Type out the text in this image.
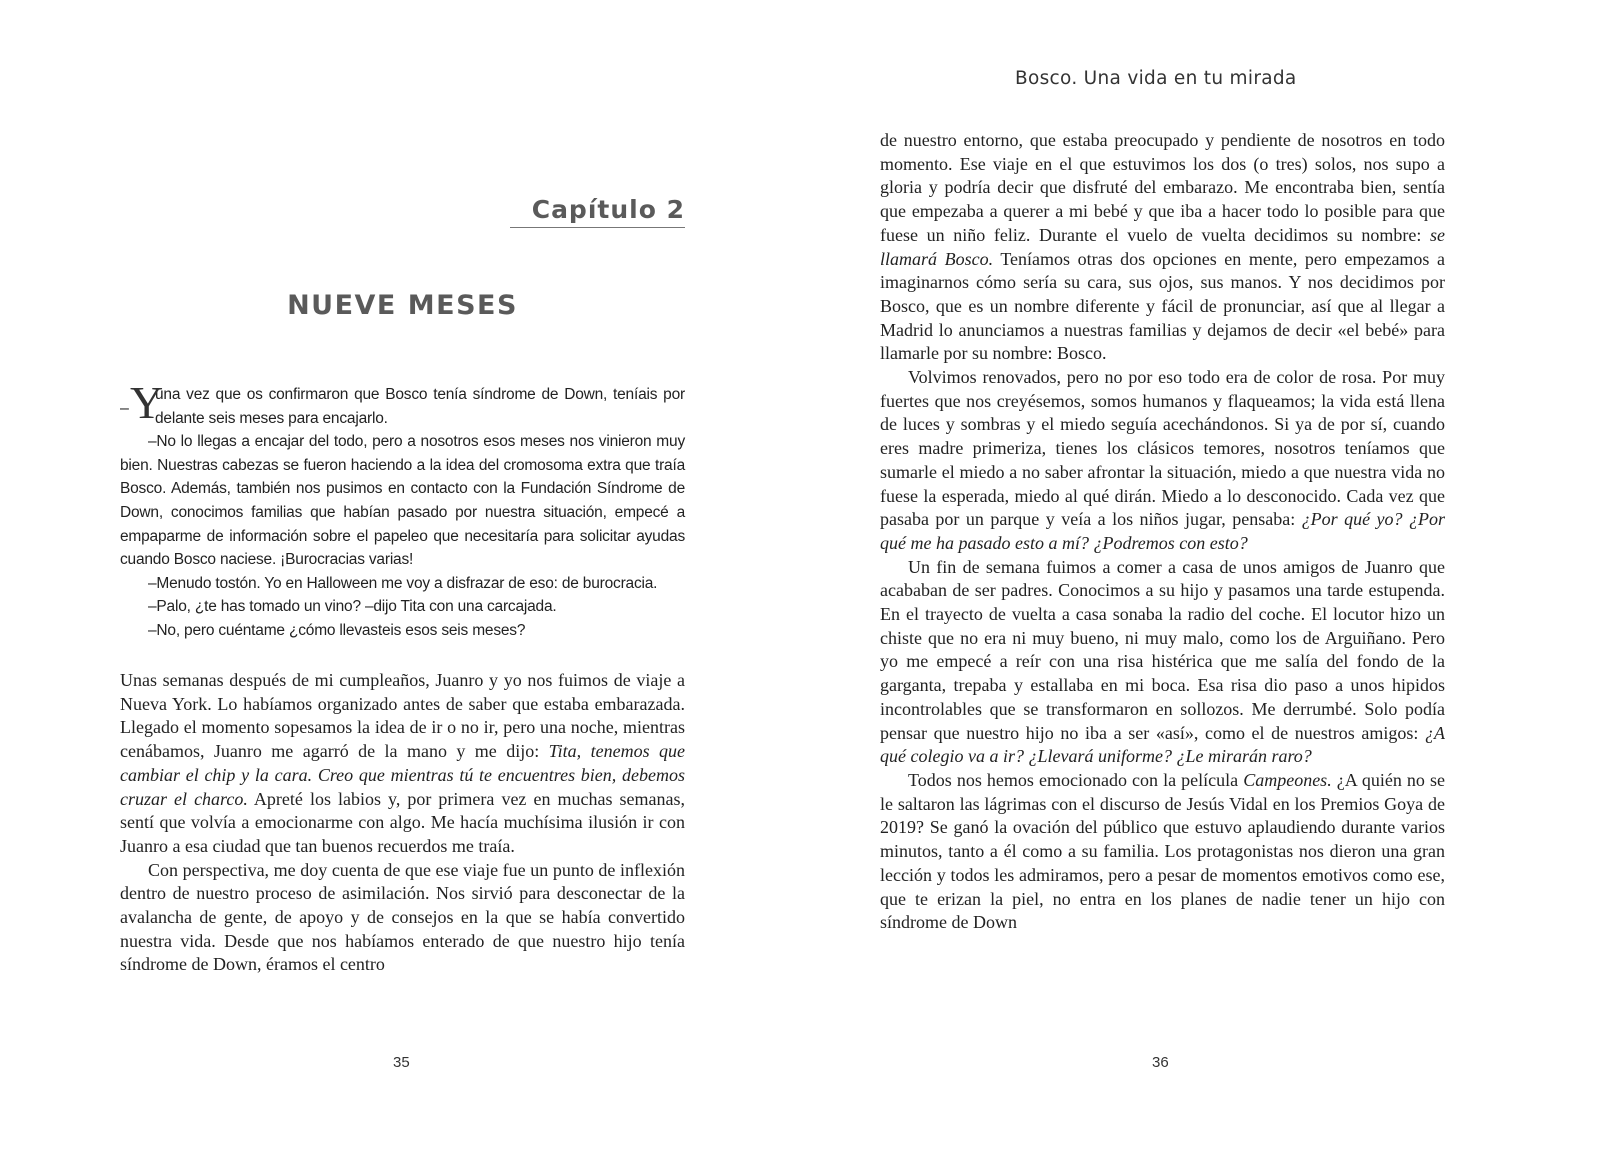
Bosco. Una vida en tu mirada
Capítulo 2
NUEVE MESES

– Y
una vez que os confirmaron que Bosco tenía síndrome de Down, teníais por delante seis meses para encajarlo.

–No lo llegas a encajar del todo, pero a nosotros esos meses nos vinieron muy bien. Nuestras cabezas se fueron haciendo a la idea del cromosoma extra que traía Bosco. Además, también nos pusimos en contacto con la Fundación Síndrome de Down, conocimos familias que habían pasado por nuestra situación, empecé a empaparme de información sobre el papeleo que necesitaría para solicitar ayudas cuando Bosco naciese. ¡Burocracias varias!

–Menudo tostón. Yo en Halloween me voy a disfrazar de eso: de burocracia.

–Palo, ¿te has tomado un vino? –dijo Tita con una carcajada.

–No, pero cuéntame ¿cómo llevasteis esos seis meses?

Unas semanas después de mi cumpleaños, Juanro y yo nos fuimos de viaje a Nueva York. Lo habíamos organizado antes de saber que estaba embarazada. Llegado el momento sopesamos la idea de ir o no ir, pero una noche, mientras cenábamos, Juanro me agarró de la mano y me dijo: Tita, tenemos que cambiar el chip y la cara. Creo que mientras tú te encuentres bien, debemos cruzar el charco. Apreté los labios y, por primera vez en muchas semanas, sentí que volvía a emocionarme con algo. Me hacía muchísima ilusión ir con Juanro a esa ciudad que tan buenos recuerdos me traía.

Con perspectiva, me doy cuenta de que ese viaje fue un punto de inflexión dentro de nuestro proceso de asimilación. Nos sirvió para desconectar de la avalancha de gente, de apoyo y de consejos en la que se había convertido nuestra vida. Desde que nos habíamos enterado de que nuestro hijo tenía síndrome de Down, éramos el centro

de nuestro entorno, que estaba preocupado y pendiente de nosotros en todo momento. Ese viaje en el que estuvimos los dos (o tres) solos, nos supo a gloria y podría decir que disfruté del embarazo. Me encontraba bien, sentía que empezaba a querer a mi bebé y que iba a hacer todo lo posible para que fuese un niño feliz. Durante el vuelo de vuelta decidimos su nombre: se llamará Bosco. Teníamos otras dos opciones en mente, pero empezamos a imaginarnos cómo sería su cara, sus ojos, sus manos. Y nos decidimos por Bosco, que es un nombre diferente y fácil de pronunciar, así que al llegar a Madrid lo anunciamos a nuestras familias y dejamos de decir «el bebé» para llamarle por su nombre: Bosco.

Volvimos renovados, pero no por eso todo era de color de rosa. Por muy fuertes que nos creyésemos, somos humanos y flaqueamos; la vida está llena de luces y sombras y el miedo seguía acechándonos. Si ya de por sí, cuando eres madre primeriza, tienes los clásicos temores, nosotros teníamos que sumarle el miedo a no saber afrontar la situación, miedo a que nuestra vida no fuese la esperada, miedo al qué dirán. Miedo a lo desconocido. Cada vez que pasaba por un parque y veía a los niños jugar, pensaba: ¿Por qué yo? ¿Por qué me ha pasado esto a mí? ¿Podremos con esto?

Un fin de semana fuimos a comer a casa de unos amigos de Juanro que acababan de ser padres. Conocimos a su hijo y pasamos una tarde estupenda. En el trayecto de vuelta a casa sonaba la radio del coche. El locutor hizo un chiste que no era ni muy bueno, ni muy malo, como los de Arguiñano. Pero yo me empecé a reír con una risa histérica que me salía del fondo de la garganta, trepaba y estallaba en mi boca. Esa risa dio paso a unos hipidos incontrolables que se transformaron en sollozos. Me derrumbé. Solo podía pensar que nuestro hijo no iba a ser «así», como el de nuestros amigos: ¿A qué colegio va a ir? ¿Llevará uniforme? ¿Le mirarán raro?

Todos nos hemos emocionado con la película Campeones. ¿A quién no se le saltaron las lágrimas con el discurso de Jesús Vidal en los Premios Goya de 2019? Se ganó la ovación del público que estuvo aplaudiendo durante varios minutos, tanto a él como a su familia. Los protagonistas nos dieron una gran lección y todos les admiramos, pero a pesar de momentos emotivos como ese, que te erizan la piel, no entra en los planes de nadie tener un hijo con síndrome de Down

35	36
